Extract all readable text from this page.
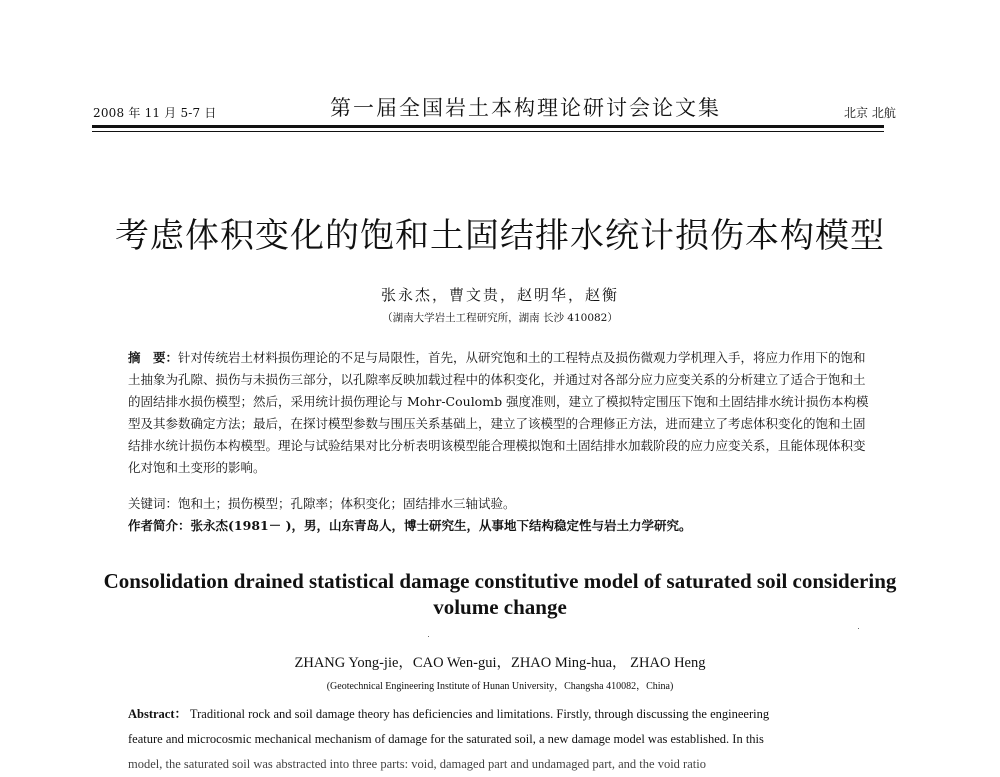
2008 年 11 月 5-7 日	第一届全国岩土本构理论研讨会论文集	北京 北航
考虑体积变化的饱和土固结排水统计损伤本构模型
张永杰，曹文贵，赵明华，赵衡
（湖南大学岩土工程研究所，湖南 长沙 410082）
摘　要：针对传统岩土材料损伤理论的不足与局限性，首先，从研究饱和土的工程特点及损伤微观力学机理入手，将应力作用下的饱和土抽象为孔隙、损伤与未损伤三部分，以孔隙率反映加载过程中的体积变化，并通过对各部分应力应变关系的分析建立了适合于饱和土的固结排水损伤模型；然后，采用统计损伤理论与 Mohr-Coulomb 强度准则，建立了模拟特定围压下饱和土固结排水统计损伤本构模型及其参数确定方法；最后，在探讨模型参数与围压关系基础上，建立了该模型的合理修正方法，进而建立了考虑体积变化的饱和土固结排水统计损伤本构模型。理论与试验结果对比分析表明该模型能合理模拟饱和土固结排水加载阶段的应力应变关系，且能体现体积变化对饱和土变形的影响。
关键词：饱和土；损伤模型；孔隙率；体积变化；固结排水三轴试验。
作者简介：张永杰(1981－ )，男，山东青岛人，博士研究生，从事地下结构稳定性与岩土力学研究。
Consolidation drained statistical damage constitutive model of saturated soil considering volume change
ZHANG Yong-jie，CAO Wen-gui，ZHAO Ming-hua， ZHAO Heng
(Geotechnical Engineering Institute of Hunan University，Changsha 410082，China)
Abstract： Traditional rock and soil damage theory has deficiencies and limitations. Firstly, through discussing the engineering
feature and microcosmic mechanical mechanism of damage for the saturated soil, a new damage model was established. In this
model, the saturated soil was abstracted into three parts: void, damaged part and undamaged part, and the void ratio
